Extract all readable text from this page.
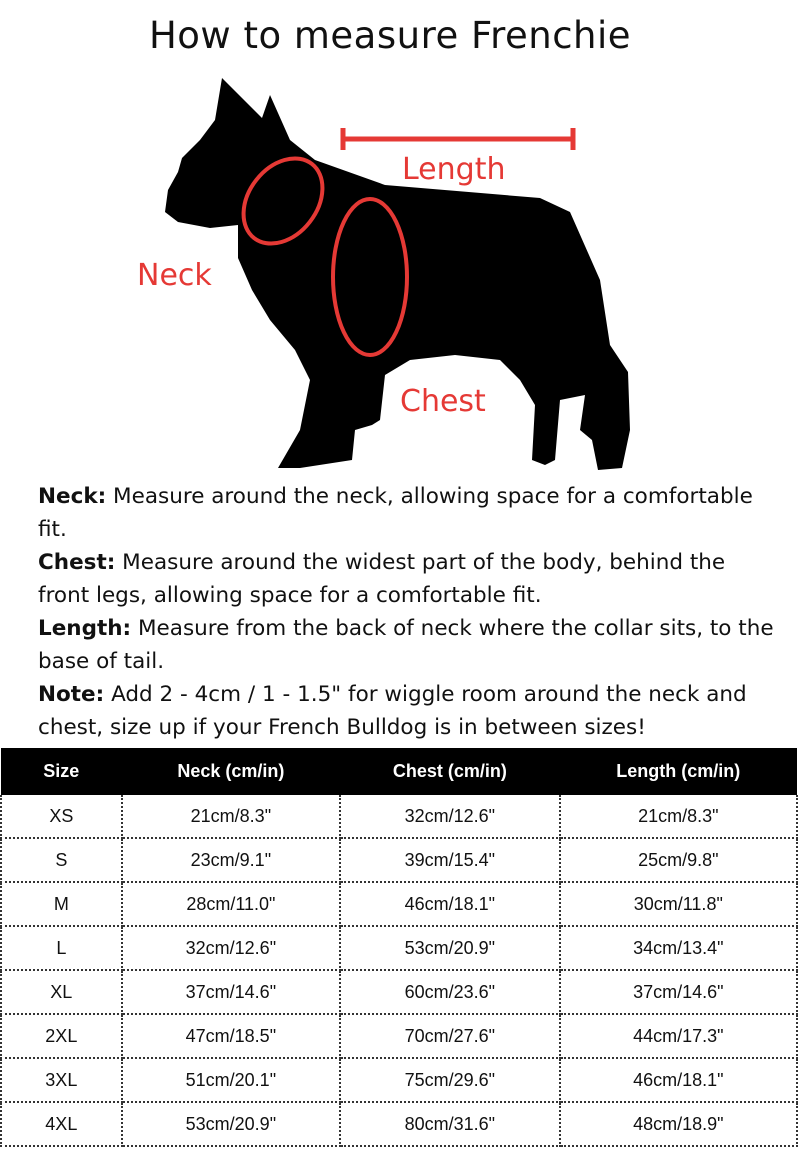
How to measure Frenchie
Length
Neck
Chest

Neck: Measure around the neck, allowing space for a comfortable fit.

Chest: Measure around the widest part of the body, behind the front legs, allowing space for a comfortable fit.

Length: Measure from the back of neck where the collar sits, to the base of tail.

Note: Add 2 - 4cm / 1 - 1.5" for wiggle room around the neck and chest, size up if your French Bulldog is in between sizes!

Size	Neck (cm/in)	Chest (cm/in)	Length (cm/in)
XS	21cm/8.3"	32cm/12.6"	21cm/8.3"
S	23cm/9.1"	39cm/15.4"	25cm/9.8"
M	28cm/11.0"	46cm/18.1"	30cm/11.8"
L	32cm/12.6"	53cm/20.9"	34cm/13.4"
XL	37cm/14.6"	60cm/23.6"	37cm/14.6"
2XL	47cm/18.5"	70cm/27.6"	44cm/17.3"
3XL	51cm/20.1"	75cm/29.6"	46cm/18.1"
4XL	53cm/20.9"	80cm/31.6"	48cm/18.9"
